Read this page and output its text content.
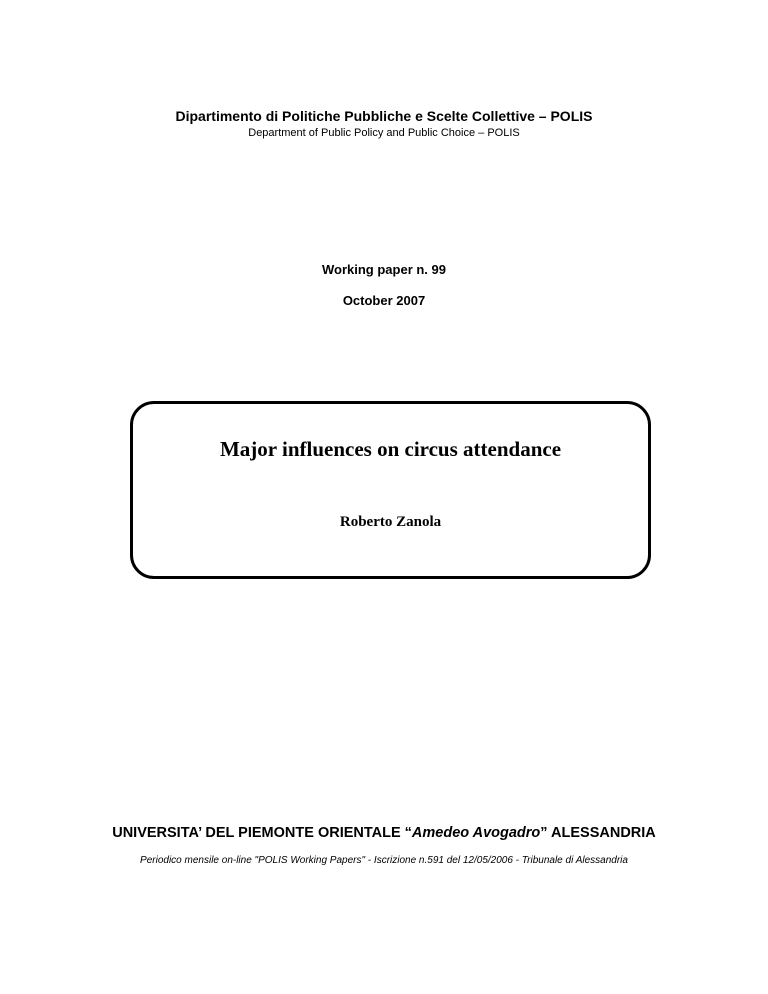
Dipartimento di Politiche Pubbliche e Scelte Collettive – POLIS
Department of Public Policy and Public Choice – POLIS
Working paper n. 99
October 2007
Major influences on circus attendance
Roberto Zanola
UNIVERSITA’ DEL PIEMONTE ORIENTALE “Amedeo Avogadro” ALESSANDRIA
Periodico mensile on-line "POLIS Working Papers" - Iscrizione n.591 del 12/05/2006 - Tribunale di Alessandria
